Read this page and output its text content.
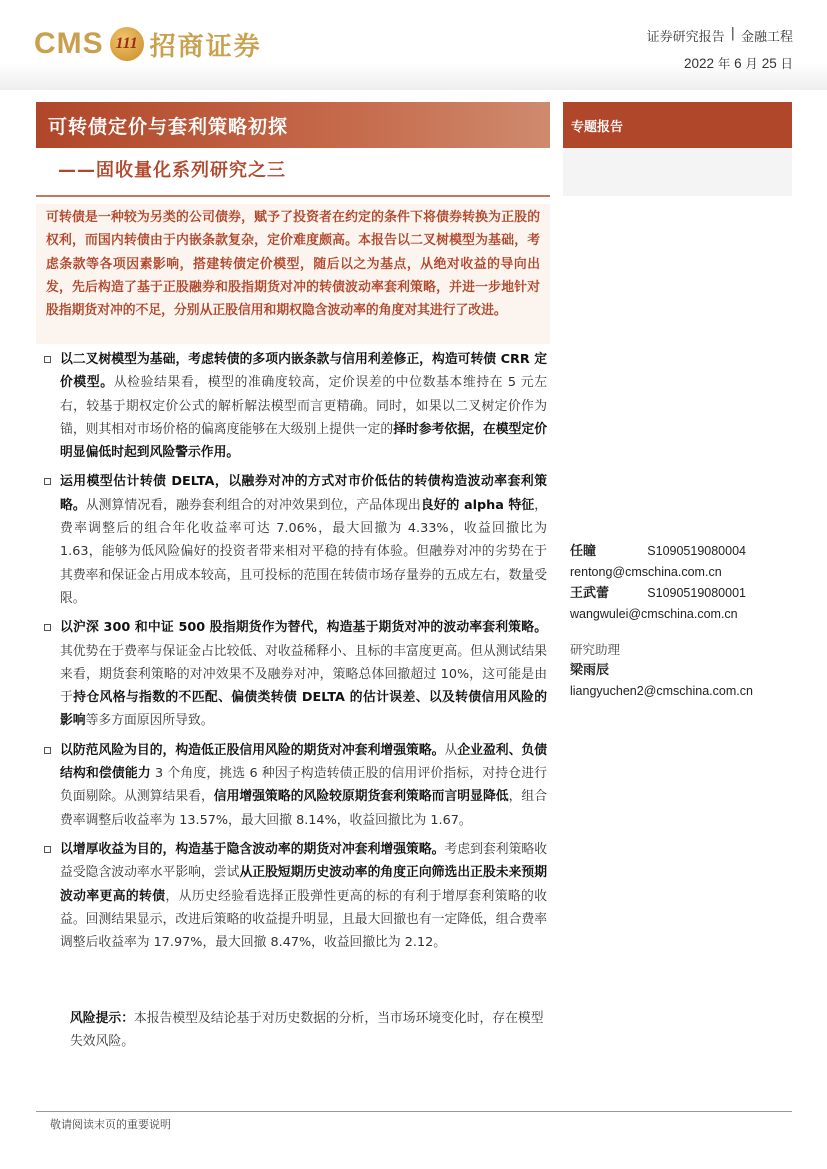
CMS 111 招商证券	证券研究报告 | 金融工程
2022 年 6 月 25 日
可转债定价与套利策略初探
——固收量化系列研究之三
专题报告
可转债是一种较为另类的公司债券，赋予了投资者在约定的条件下将债券转换为正股的权利，而国内转债由于内嵌条款复杂，定价难度颇高。本报告以二叉树模型为基础，考虑条款等各项因素影响，搭建转债定价模型，随后以之为基点，从绝对收益的导向出发，先后构造了基于正股融券和股指期货对冲的转债波动率套利策略，并进一步地针对股指期货对冲的不足，分别从正股信用和期权隐含波动率的角度对其进行了改进。
以二叉树模型为基础，考虑转债的多项内嵌条款与信用利差修正，构造可转债 CRR 定价模型。从检验结果看，模型的准确度较高，定价误差的中位数基本维持在 5 元左右，较基于期权定价公式的解析解法模型而言更精确。同时，如果以二叉树定价作为锚，则其相对市场价格的偏离度能够在大级别上提供一定的择时参考依据，在模型定价明显偏低时起到风险警示作用。
运用模型估计转债 DELTA，以融券对冲的方式对市价低估的转债构造波动率套利策略。从测算情况看，融券套利组合的对冲效果到位，产品体现出良好的 alpha 特征，费率调整后的组合年化收益率可达 7.06%，最大回撤为 4.33%，收益回撤比为 1.63，能够为低风险偏好的投资者带来相对平稳的持有体验。但融券对冲的劣势在于其费率和保证金占用成本较高，且可投标的范围在转债市场存量券的五成左右，数量受限。
以沪深 300 和中证 500 股指期货作为替代，构造基于期货对冲的波动率套利策略。其优势在于费率与保证金占比较低、对收益稀释小、且标的丰富度更高。但从测试结果来看，期货套利策略的对冲效果不及融券对冲，策略总体回撤超过 10%，这可能是由于持仓风格与指数的不匹配、偏债类转债 DELTA 的估计误差、以及转债信用风险的影响等多方面原因所导致。
以防范风险为目的，构造低正股信用风险的期货对冲套利增强策略。从企业盈利、负债结构和偿债能力 3 个角度，挑选 6 种因子构造转债正股的信用评价指标，对持仓进行负面剔除。从测算结果看，信用增强策略的风险较原期货套利策略而言明显降低，组合费率调整后收益率为 13.57%，最大回撤 8.14%，收益回撤比为 1.67。
以增厚收益为目的，构造基于隐含波动率的期货对冲套利增强策略。考虑到套利策略收益受隐含波动率水平影响，尝试从正股短期历史波动率的角度正向筛选出正股未来预期波动率更高的转债，从历史经验看选择正股弹性更高的标的有利于增厚套利策略的收益。回测结果显示，改进后策略的收益提升明显，且最大回撤也有一定降低，组合费率调整后收益率为 17.97%，最大回撤 8.47%，收益回撤比为 2.12。
风险提示：本报告模型及结论基于对历史数据的分析，当市场环境变化时，存在模型失效风险。
任瞳	S1090519080004
rentong@cmschina.com.cn
王武蕾	S1090519080001
wangwulei@cmschina.com.cn
研究助理
梁雨辰
liangyuchen2@cmschina.com.cn
敬请阅读末页的重要说明
